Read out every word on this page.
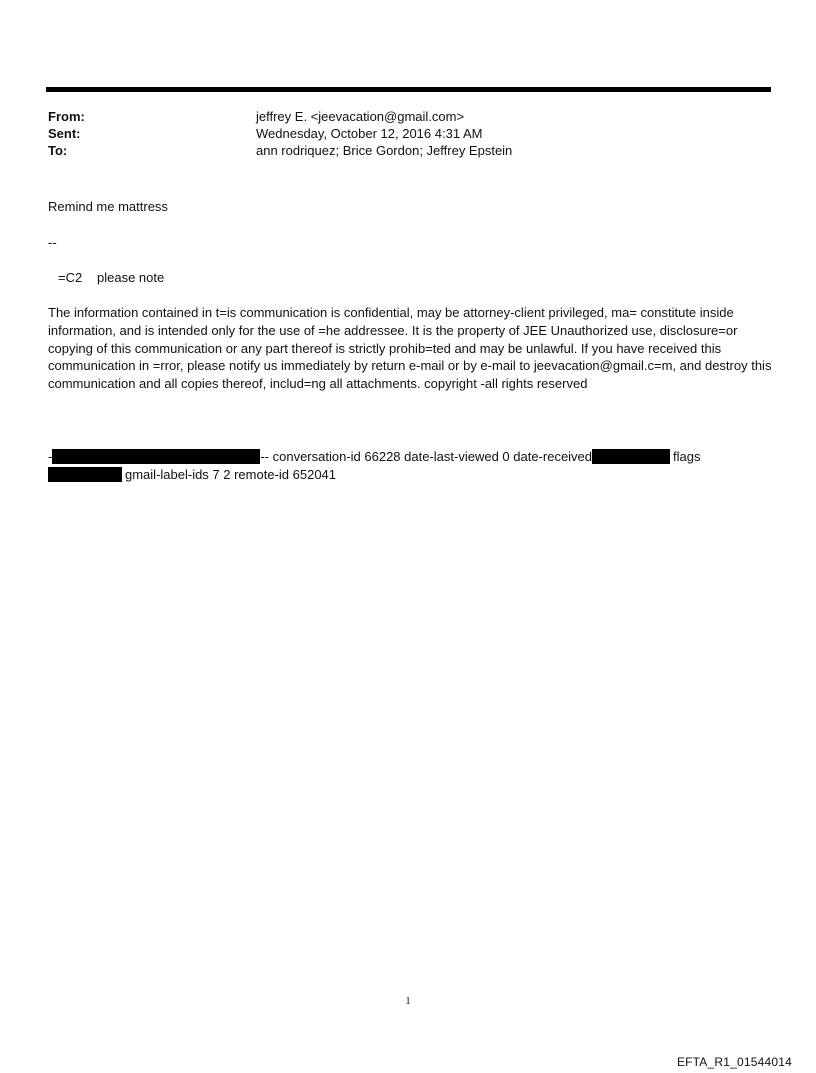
From:	jeffrey E. <jeevacation@gmail.com>
Sent:	Wednesday, October 12, 2016 4:31 AM
To:	ann rodriquez; Brice Gordon; Jeffrey Epstein
Remind me mattress
--
=C2 please note
The information contained in t=is communication is confidential, may be attorney-client privileged, ma= constitute inside information, and is intended only for the use of =he addressee. It is the property of JEE Unauthorized use, disclosure=or copying of this communication or any part thereof is strictly prohib=ted and may be unlawful. If you have received this communication in =rror, please notify us immediately by return e-mail or by e-mail to jeevacation@gmail.c=m, and destroy this communication and all copies thereof, includ=ng all attachments. copyright -all rights reserved
-	-- conversation-id 66228 date-last-viewed 0 date-received	flags
gmail-label-ids 7 2 remote-id 652041
1
EFTA_R1_01544014
